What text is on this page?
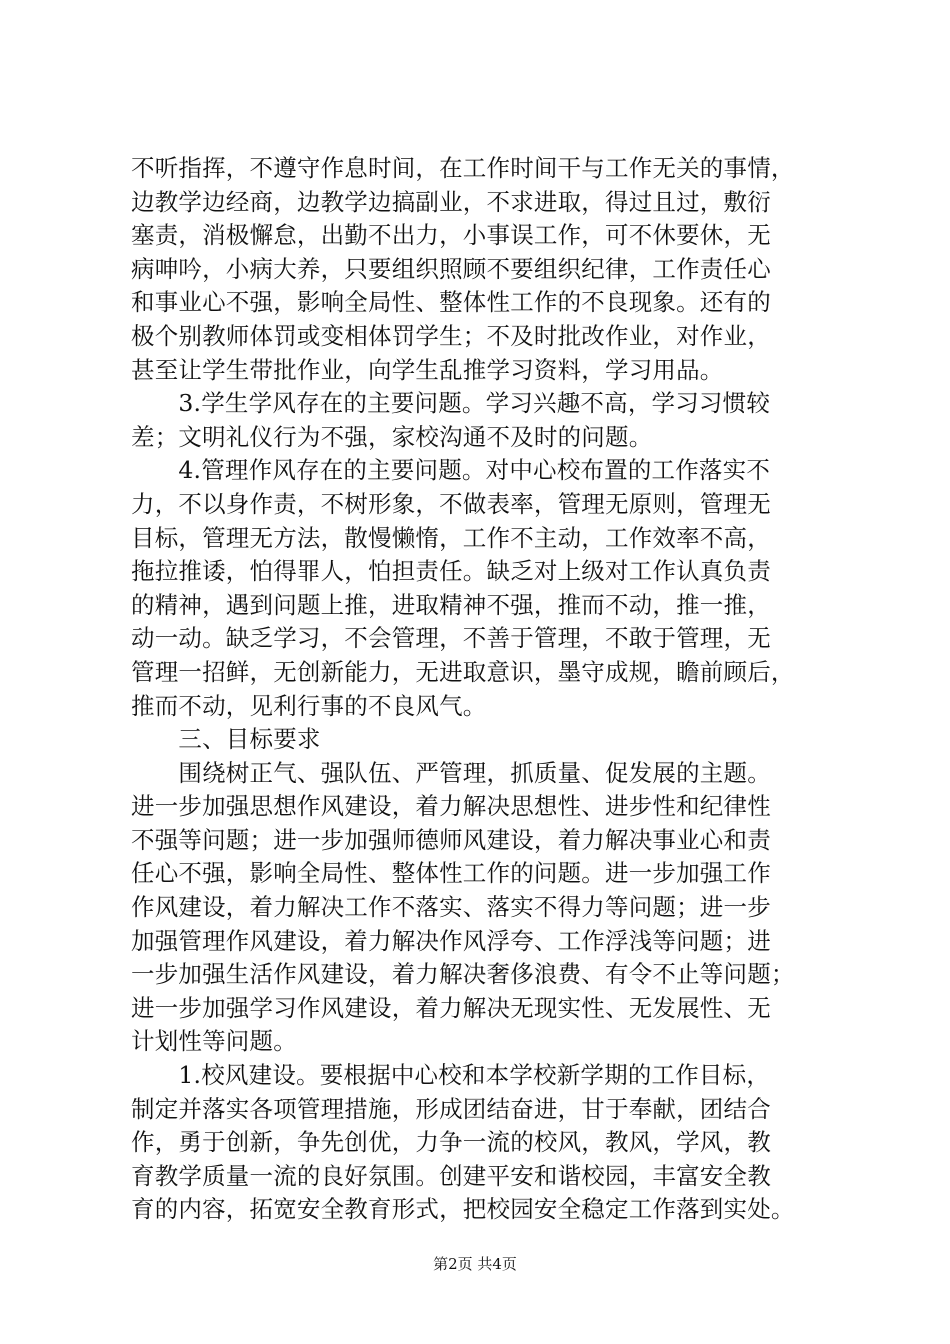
不听指挥，不遵守作息时间，在工作时间干与工作无关的事情，
边教学边经商，边教学边搞副业，不求进取，得过且过，敷衍
塞责，消极懈怠，出勤不出力，小事误工作，可不休要休，无
病呻吟，小病大养，只要组织照顾不要组织纪律，工作责任心
和事业心不强，影响全局性、整体性工作的不良现象。还有的
极个别教师体罚或变相体罚学生；不及时批改作业，对作业，
甚至让学生带批作业，向学生乱推学习资料，学习用品。
　　3.学生学风存在的主要问题。学习兴趣不高，学习习惯较
差；文明礼仪行为不强，家校沟通不及时的问题。
　　4.管理作风存在的主要问题。对中心校布置的工作落实不
力，不以身作责，不树形象，不做表率，管理无原则，管理无
目标，管理无方法，散慢懒惰，工作不主动，工作效率不高，
拖拉推诿，怕得罪人，怕担责任。缺乏对上级对工作认真负责
的精神，遇到问题上推，进取精神不强，推而不动，推一推，
动一动。缺乏学习，不会管理，不善于管理，不敢于管理，无
管理一招鲜，无创新能力，无进取意识，墨守成规，瞻前顾后，
推而不动，见利行事的不良风气。
　　三、目标要求
　　围绕树正气、强队伍、严管理，抓质量、促发展的主题。
进一步加强思想作风建设，着力解决思想性、进步性和纪律性
不强等问题；进一步加强师德师风建设，着力解决事业心和责
任心不强，影响全局性、整体性工作的问题。进一步加强工作
作风建设，着力解决工作不落实、落实不得力等问题；进一步
加强管理作风建设，着力解决作风浮夸、工作浮浅等问题；进
一步加强生活作风建设，着力解决奢侈浪费、有令不止等问题；
进一步加强学习作风建设，着力解决无现实性、无发展性、无
计划性等问题。
　　1.校风建设。要根据中心校和本学校新学期的工作目标，
制定并落实各项管理措施，形成团结奋进，甘于奉献，团结合
作，勇于创新，争先创优，力争一流的校风，教风，学风，教
育教学质量一流的良好氛围。创建平安和谐校园，丰富安全教
育的内容，拓宽安全教育形式，把校园安全稳定工作落到实处。
第2页 共4页
